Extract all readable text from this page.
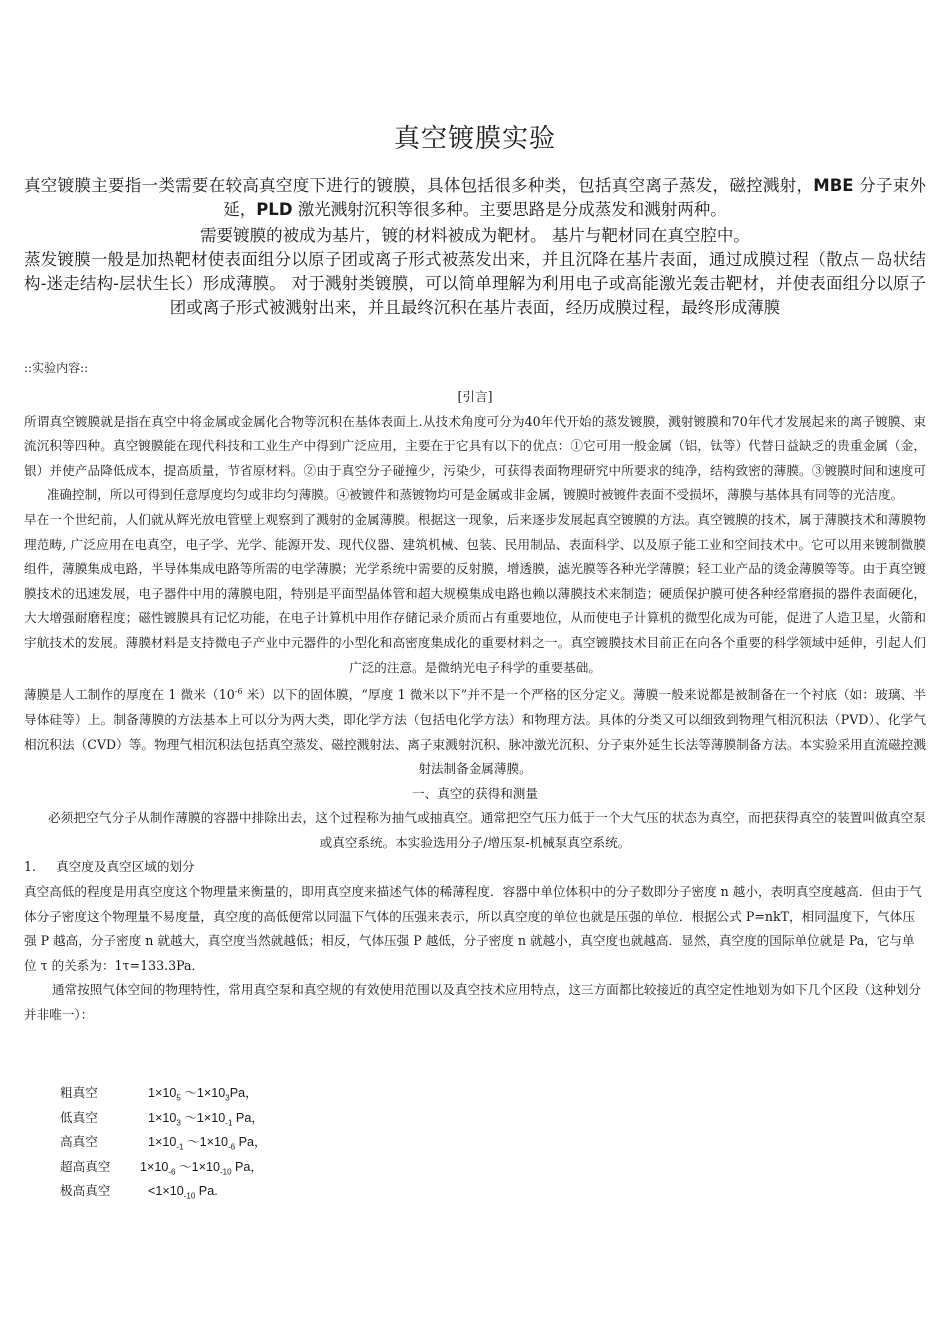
真空镀膜实验

真空镀膜主要指一类需要在较高真空度下进行的镀膜，具体包括很多种类，包括真空离子蒸发，磁控溅射，MBE 分子束外延，PLD 激光溅射沉积等很多种。主要思路是分成蒸发和溅射两种。

需要镀膜的被成为基片，镀的材料被成为靶材。 基片与靶材同在真空腔中。

蒸发镀膜一般是加热靶材使表面组分以原子团或离子形式被蒸发出来，并且沉降在基片表面，通过成膜过程（散点－岛状结构-迷走结构-层状生长）形成薄膜。 对于溅射类镀膜，可以简单理解为利用电子或高能激光轰击靶材，并使表面组分以原子团或离子形式被溅射出来，并且最终沉积在基片表面，经历成膜过程，最终形成薄膜

::实验内容::

[引言]

所谓真空镀膜就是指在真空中将金属或金属化合物等沉积在基体表面上.从技术角度可分为40年代开始的蒸发镀膜，溅射镀膜和70年代才发展起来的离子镀膜、束流沉积等四种。真空镀膜能在现代科技和工业生产中得到广泛应用，主要在于它具有以下的优点：①它可用一般金属（铝，钛等）代替日益缺乏的贵重金属（金，银）并使产品降低成本，提高质量，节省原材料。②由于真空分子碰撞少，污染少，可获得表面物理研究中所要求的纯净，结构致密的薄膜。③镀膜时间和速度可准确控制，所以可得到任意厚度均匀或非均匀薄膜。④被镀件和蒸镀物均可是金属或非金属，镀膜时被镀件表面不受损坏，薄膜与基体具有同等的光洁度。

早在一个世纪前，人们就从辉光放电管壁上观察到了溅射的金属薄膜。根据这一现象，后来逐步发展起真空镀膜的方法。真空镀膜的技术，属于薄膜技术和薄膜物理范畴, 广泛应用在电真空，电子学、光学、能源开发、现代仪器、建筑机械、包装、民用制品、表面科学、以及原子能工业和空间技术中。它可以用来镀制微膜组件，薄膜集成电路，半导体集成电路等所需的电学薄膜；光学系统中需要的反射膜，增透膜，滤光膜等各种光学薄膜；轻工业产品的烫金薄膜等等。由于真空镀膜技术的迅速发展，电子器件中用的薄膜电阻，特别是平面型晶体管和超大规模集成电路也赖以薄膜技术来制造；硬质保护膜可使各种经常磨损的器件表面硬化，大大增强耐磨程度；磁性镀膜具有记忆功能，在电子计算机中用作存储记录介质而占有重要地位，从而使电子计算机的微型化成为可能，促进了人造卫星，火箭和宇航技术的发展。薄膜材料是支持微电子产业中元器件的小型化和高密度集成化的重要材料之一。真空镀膜技术目前正在向各个重要的科学领域中延伸，引起人们广泛的注意。是微纳光电子科学的重要基础。

薄膜是人工制作的厚度在 1 微米（$10^{-6}$ 米）以下的固体膜，“厚度 1 微米以下”并不是一个严格的区分定义。薄膜一般来说都是被制备在一个衬底（如：玻璃、半导体硅等）上。制备薄膜的方法基本上可以分为两大类，即化学方法（包括电化学方法）和物理方法。具体的分类又可以细致到物理气相沉积法（PVD）、化学气相沉积法（CVD）等。物理气相沉积法包括真空蒸发、磁控溅射法、离子束溅射沉积、脉冲激光沉积、分子束外延生长法等薄膜制备方法。本实验采用直流磁控溅射法制备金属薄膜。

一、真空的获得和测量

必须把空气分子从制作薄膜的容器中排除出去，这个过程称为抽气或抽真空。通常把空气压力低于一个大气压的状态为真空，而把获得真空的装置叫做真空泵或真空系统。本实验选用分子/增压泵-机械泵真空系统。

1. 真空度及真空区域的划分

真空高低的程度是用真空度这个物理量来衡量的，即用真空度来描述气体的稀薄程度．容器中单位体积中的分子数即分子密度 n 越小，表明真空度越高．但由于气体分子密度这个物理量不易度量，真空度的高低便常以同温下气体的压强来表示，所以真空度的单位也就是压强的单位．根据公式 P=nkT，相同温度下，气体压强 P 越高，分子密度 n 就越大，真空度当然就越低；相反，气体压强 P 越低，分子密度 n 就越小，真空度也就越高．显然，真空度的国际单位就是 Pa，它与单位 τ 的关系为：1τ=133.3Pa．

通常按照气体空间的物理特性，常用真空泵和真空规的有效使用范围以及真空技术应用特点，这三方面都比较接近的真空定性地划为如下几个区段（这种划分并非唯一）：

粗真空	$1\times 10_5$ $\sim 1\times 10_3Pa$，
低真空	$1\times 10_3$ $\sim 1\times 10_{-1}$ Pa，
高真空	$1\times 10_{-1}$ $\sim 1\times 10_{-6}$ Pa，
超高真空 $1\times 10_{-6}$ $\sim 1\times 10_{-10}$ Pa，
极高真空	$<1\times 10_{-10}$ Pa.
